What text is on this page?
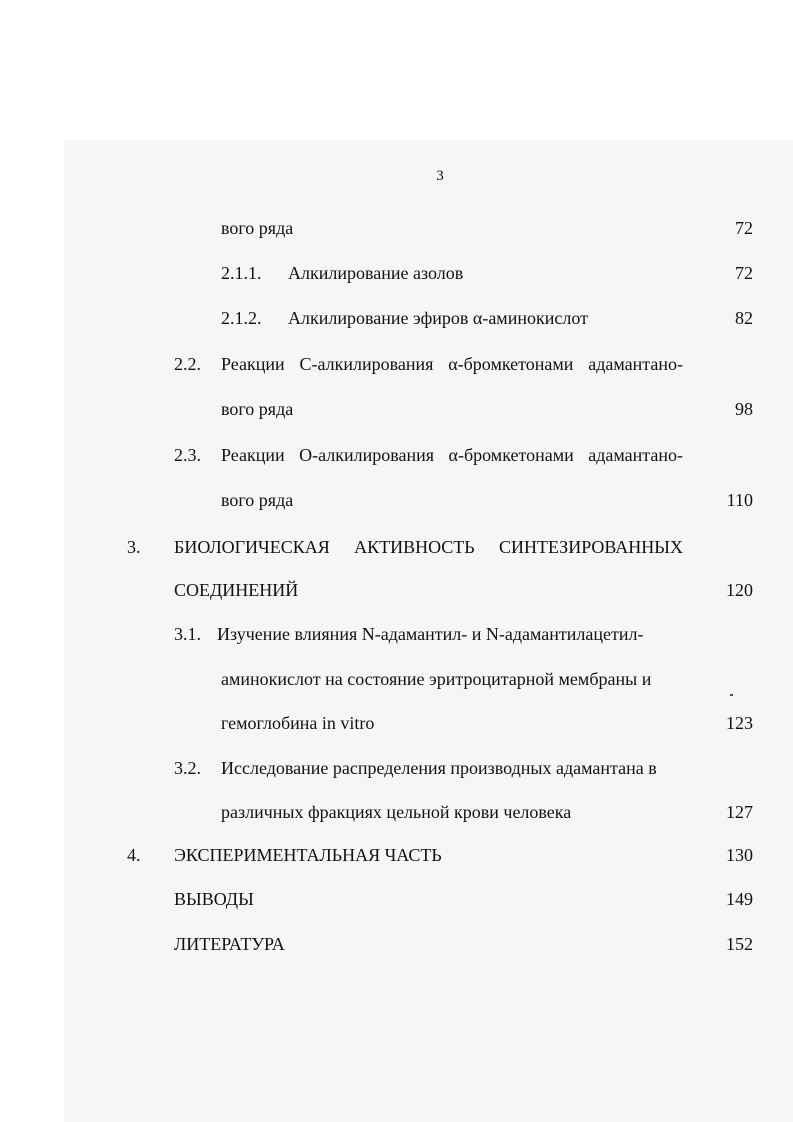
3
вого ряда	72
2.1.1. Алкилирование азолов	72
2.1.2. Алкилирование эфиров α-аминокислот	82
2.2. Реакции С-алкилирования α-бромкетонами адамантано-
вого ряда	98
2.3. Реакции О-алкилирования α-бромкетонами адамантано-
вого ряда	110
3. БИОЛОГИЧЕСКАЯ АКТИВНОСТЬ СИНТЕЗИРОВАННЫХ
СОЕДИНЕНИЙ	120
3.1. Изучение влияния N-адамантил- и N-адамантилацетил-
аминокислот на состояние эритроцитарной мембраны и
гемоглобина in vitro	123
3.2. Исследование распределения производных адамантана в
различных фракциях цельной крови человека	127
4. ЭКСПЕРИМЕНТАЛЬНАЯ ЧАСТЬ	130
ВЫВОДЫ	149
ЛИТЕРАТУРА	152
